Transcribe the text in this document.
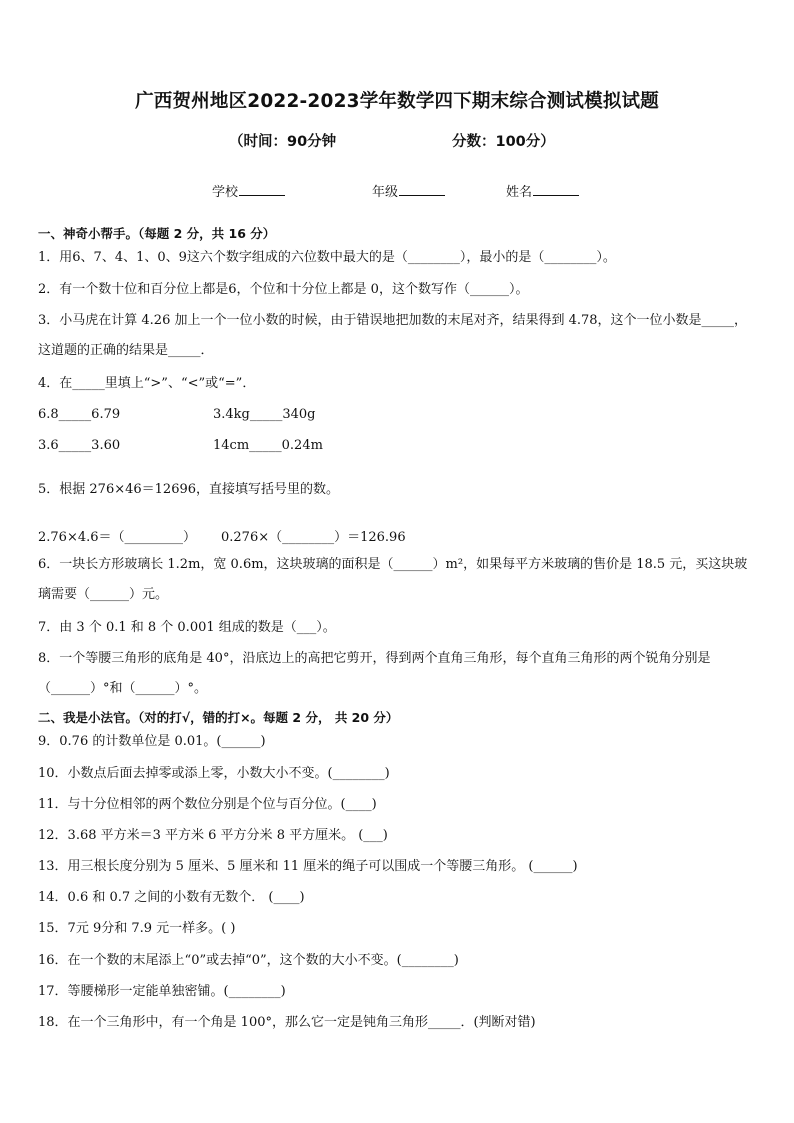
广西贺州地区2022-2023学年数学四下期末综合测试模拟试题
（时间：90分钟	分数：100分）
学校	年级	姓名
一、神奇小帮手。（每题 2 分，共 16 分）
1．用6、7、4、1、0、9这六个数字组成的六位数中最大的是（________），最小的是（________）。
2．有一个数十位和百分位上都是6，个位和十分位上都是 0，这个数写作（______）。
3．小马虎在计算 4.26 加上一个一位小数的时候，由于错误地把加数的末尾对齐，结果得到 4.78，这个一位小数是_____，这道题的正确的结果是_____．
4．在_____里填上“>”、“<”或“=”．
6.8_____6.79	3.4kg_____340g
3.6_____3.60	14cm_____0.24m
5．根据 276×46＝12696，直接填写括号里的数。
2.76×4.6＝（_________） 0.276×（________）＝126.96
6．一块长方形玻璃长 1.2m，宽 0.6m，这块玻璃的面积是（______）m²，如果每平方米玻璃的售价是 18.5 元，买这块玻璃需要（______）元。
7．由 3 个 0.1 和 8 个 0.001 组成的数是（___）。
8．一个等腰三角形的底角是 40°，沿底边上的高把它剪开，得到两个直角三角形，每个直角三角形的两个锐角分别是（______）°和（______）°。
二、我是小法官。（对的打√，错的打×。每题 2 分， 共 20 分）
9．0.76 的计数单位是 0.01。(______)
10．小数点后面去掉零或添上零，小数大小不变。(________)
11．与十分位相邻的两个数位分别是个位与百分位。(____)
12．3.68 平方米＝3 平方米 6 平方分米 8 平方厘米。 (___)
13．用三根长度分别为 5 厘米、5 厘米和 11 厘米的绳子可以围成一个等腰三角形。 (______)
14．0.6 和 0.7 之间的小数有无数个． (____)
15．7元 9分和 7.9 元一样多。( )
16．在一个数的末尾添上“0”或去掉“0”，这个数的大小不变。(________)
17．等腰梯形一定能单独密铺。(________)
18．在一个三角形中，有一个角是 100°，那么它一定是钝角三角形_____．(判断对错)
